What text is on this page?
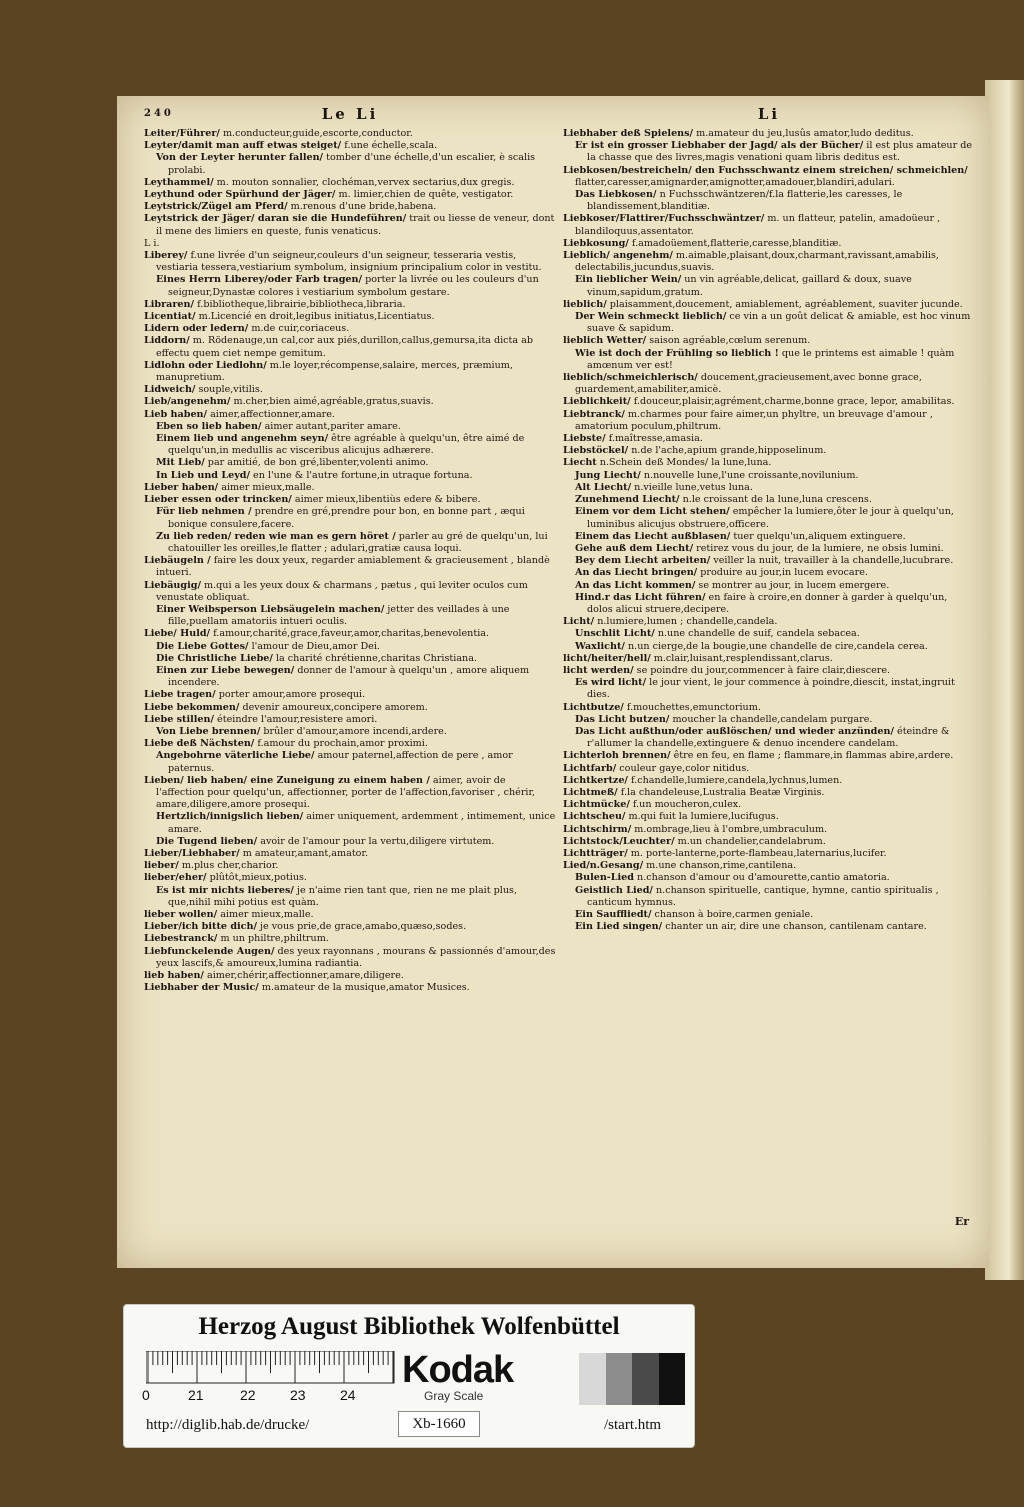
240	Le Li

Leiter/Führer/ m.conducteur,guide,escorte,conductor.

Leyter/damit man auff etwas steiget/ f.une échelle,scala.

Von der Leyter herunter fallen/ tomber d'une échelle,d'un escalier, è scalis prolabi.

Leythammel/ m. mouton sonnalier, clochéman,vervex sectarius,dux gregis.

Leythund oder Spürhund der Jäger/ m. limier,chien de quête, vestigator.

Leytstrick/Zügel am Pferd/ m.renous d'une bride,habena.

Leytstrick der Jäger/ daran sie die Hundeführen/ trait ou liesse de veneur, dont il mene des limiers en queste, funis venaticus.

L i.

Liberey/ f.une livrée d'un seigneur,couleurs d'un seigneur, tesseraria vestis, vestiaria tessera,vestiarium symbolum, insignium principalium color in vestitu.

Eines Herrn Liberey/oder Farb tragen/ porter la livrée ou les couleurs d'un seigneur,Dynastæ colores i vestiarium symbolum gestare.

Libraren/ f.bibliotheque,librairie,bibliotheca,libraria.

Licentiat/ m.Licencié en droit,legibus initiatus,Licentiatus.

Lidern oder ledern/ m.de cuir,coriaceus.

Liddorn/ m. Rödenauge,un cal,cor aux piés,durillon,callus,gemursa,ita dicta ab effectu quem ciet nempe gemitum.

Lidlohn oder Liedlohn/ m.le loyer,récompense,salaire, merces, præmium, manupretium.

Lidweich/ souple,vitilis.

Lieb/angenehm/ m.cher,bien aimé,agréable,gratus,suavis.

Lieb haben/ aimer,affectionner,amare.

Eben so lieb haben/ aimer autant,pariter amare.

Einem lieb und angenehm seyn/ être agréable à quelqu'un, être aimé de quelqu'un,in medullis ac visceribus alicujus adhærere.

Mit Lieb/ par amitié, de bon gré,libenter,volenti animo.

In Lieb und Leyd/ en l'une & l'autre fortune,in utraque fortuna.

Lieber haben/ aimer mieux,malle.

Lieber essen oder trincken/ aimer mieux,libentiùs edere & bibere.

Für lieb nehmen / prendre en gré,prendre pour bon, en bonne part , æqui bonique consulere,facere.

Zu lieb reden/ reden wie man es gern höret / parler au gré de quelqu'un, lui chatouiller les oreilles,le flatter ; adulari,gratiæ causa loqui.

Liebäugeln / faire les doux yeux, regarder amiablement & gracieusement , blandè intueri.

Liebäugig/ m.qui a les yeux doux & charmans , pætus , qui leviter oculos cum venustate obliquat.

Einer Weibsperson Liebsäugelein machen/ jetter des veillades à une fille,puellam amatoriis intueri oculis.

Liebe/ Huld/ f.amour,charité,grace,faveur,amor,charitas,benevolentia.

Die Liebe Gottes/ l'amour de Dieu,amor Dei.

Die Christliche Liebe/ la charité chrétienne,charitas Christiana.

Einen zur Liebe bewegen/ donner de l'amour à quelqu'un , amore aliquem incendere.

Liebe tragen/ porter amour,amore prosequi.

Liebe bekommen/ devenir amoureux,concipere amorem.

Liebe stillen/ éteindre l'amour,resistere amori.

Von Liebe brennen/ brûler d'amour,amore incendi,ardere.

Liebe deß Nächsten/ f.amour du prochain,amor proximi.

Angebohrne väterliche Liebe/ amour paternel,affection de pere , amor paternus.

Lieben/ lieb haben/ eine Zuneigung zu einem haben / aimer, avoir de l'affection pour quelqu'un, affectionner, porter de l'affection,favoriser , chérir, amare,diligere,amore prosequi.

Hertzlich/innigslich lieben/ aimer uniquement, ardemment , intimement, unice amare.

Die Tugend lieben/ avoir de l'amour pour la vertu,diligere virtutem.

Lieber/Liebhaber/ m amateur,amant,amator.

lieber/ m.plus cher,charior.

lieber/eher/ plûtôt,mieux,potius.

Es ist mir nichts lieberes/ je n'aime rien tant que, rien ne me plait plus, que,nihil mihi potius est quàm.

lieber wollen/ aimer mieux,malle.

Lieber/ich bitte dich/ je vous prie,de grace,amabo,quæso,sodes.

Liebestranck/ m un philtre,philtrum.

Liebfunckelende Augen/ des yeux rayonnans , mourans & passionnés d'amour,des yeux lascifs,& amoureux,lumina radiantia.

lieb haben/ aimer,chérir,affectionner,amare,diligere.

Liebhaber der Music/ m.amateur de la musique,amator Musices.

Li

Liebhaber deß Spielens/ m.amateur du jeu,lusûs amator,ludo deditus.

Er ist ein grosser Liebhaber der Jagd/ als der Bücher/ il est plus amateur de la chasse que des livres,magis venationi quam libris deditus est.

Liebkosen/bestreicheln/ den Fuchsschwantz einem streichen/ schmeichlen/ flatter,caresser,amignarder,amignotter,amadouer,blandiri,adulari.

Das Liebkosen/ n Fuchsschwäntzeren/f.la flatterie,les caresses, le blandissement,blanditiæ.

Liebkoser/Flattirer/Fuchsschwäntzer/ m. un flatteur, patelin, amadoüeur , blandiloquus,assentator.

Liebkosung/ f.amadoüement,flatterie,caresse,blanditiæ.

Lieblich/ angenehm/ m.aimable,plaisant,doux,charmant,ravissant,amabilis, delectabilis,jucundus,suavis.

Ein lieblicher Wein/ un vin agréable,delicat, gaillard & doux, suave vinum,sapidum,gratum.

lieblich/ plaisamment,doucement, amiablement, agréablement, suaviter jucunde.

Der Wein schmeckt lieblich/ ce vin a un goût delicat & amiable, est hoc vinum suave & sapidum.

lieblich Wetter/ saison agréable,cœlum serenum.

Wie ist doch der Frühling so lieblich ! que le printems est aimable ! quàm amœnum ver est!

lieblich/schmeichlerisch/ doucement,gracieusement,avec bonne grace, guardement,amabiliter,amicè.

Lieblichkeit/ f.douceur,plaisir,agrément,charme,bonne grace, lepor, amabilitas.

Liebtranck/ m.charmes pour faire aimer,un phyltre, un breuvage d'amour , amatorium poculum,philtrum.

Liebste/ f.maîtresse,amasia.

Liebstöckel/ n.de l'ache,apium grande,hipposelinum.

Liecht n.Schein deß Mondes/ la lune,luna.

Jung Liecht/ n.nouvelle lune,l'une croissante,novilunium.

Alt Liecht/ n.vieille lune,vetus luna.

Zunehmend Liecht/ n.le croissant de la lune,luna crescens.

Einem vor dem Licht stehen/ empêcher la lumiere,ôter le jour à quelqu'un, luminibus alicujus obstruere,officere.

Einem das Liecht außblasen/ tuer quelqu'un,aliquem extinguere.

Gehe auß dem Liecht/ retirez vous du jour, de la lumiere, ne obsis lumini.

Bey dem Liecht arbeiten/ veiller la nuit, travailler à la chandelle,lucubrare.

An das Liecht bringen/ produire au jour,in lucem evocare.

An das Licht kommen/ se montrer au jour, in lucem emergere.

Hind.r das Licht führen/ en faire à croire,en donner à garder à quelqu'un, dolos alicui struere,decipere.

Licht/ n.lumiere,lumen ; chandelle,candela.

Unschlit Licht/ n.une chandelle de suif, candela sebacea.

Waxlicht/ n.un cierge,de la bougie,une chandelle de cire,candela cerea.

licht/heiter/hell/ m.clair,luisant,resplendissant,clarus.

licht werden/ se poindre du jour,commencer à faire clair,diescere.

Es wird licht/ le jour vient, le jour commence à poindre,diescit, instat,ingruit dies.

Lichtbutze/ f.mouchettes,emunctorium.

Das Licht butzen/ moucher la chandelle,candelam purgare.

Das Licht außthun/oder außlöschen/ und wieder anzünden/ éteindre & r'allumer la chandelle,extinguere & denuo incendere candelam.

Lichterloh brennen/ être en feu, en flame ; flammare,in flammas abire,ardere.

Lichtfarb/ couleur gaye,color nitidus.

Lichtkertze/ f.chandelle,lumiere,candela,lychnus,lumen.

Lichtmeß/ f.la chandeleuse,Lustralia Beatæ Virginis.

Lichtmücke/ f.un moucheron,culex.

Lichtscheu/ m.qui fuit la lumiere,lucifugus.

Lichtschirm/ m.ombrage,lieu à l'ombre,umbraculum.

Lichtstock/Leuchter/ m.un chandelier,candelabrum.

Lichtträger/ m. porte-lanterne,porte-flambeau,laternarius,lucifer.

Lied/n.Gesang/ m.une chanson,rime,cantilena.

Bulen-Lied n.chanson d'amour ou d'amourette,cantio amatoria.

Geistlich Lied/ n.chanson spirituelle, cantique, hymne, cantio spiritualis , canticum hymnus.

Ein Sauffliedt/ chanson à boire,carmen geniale.

Ein Lied singen/ chanter un air, dire une chanson, cantilenam cantare.

Er
Herzog August Bibliothek Wolfenbüttel
0	21	22 23 24
Kodak
Gray Scale
http://diglib.hab.de/drucke/	Xb-1660	/start.htm
